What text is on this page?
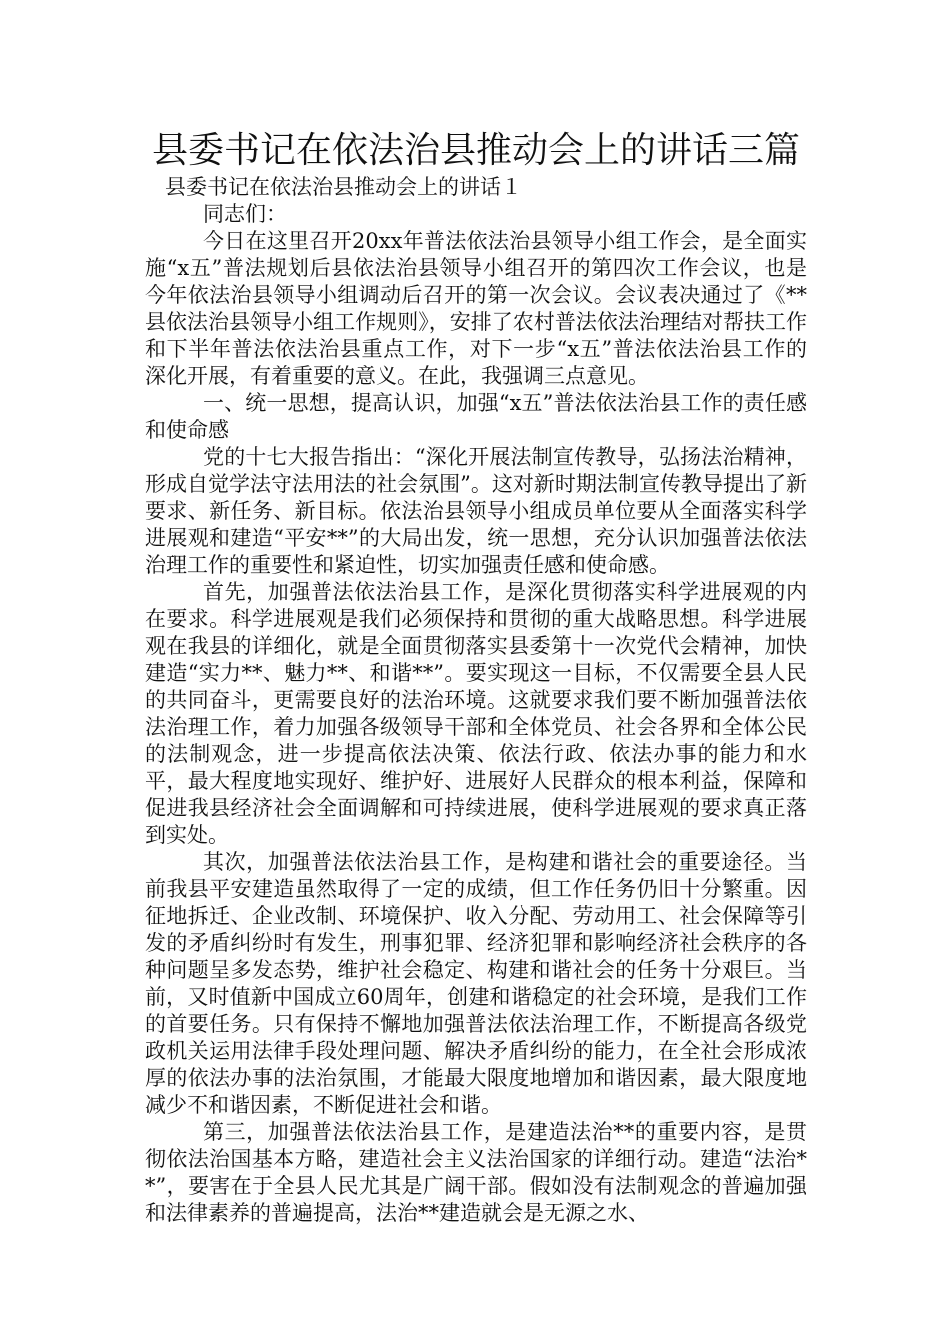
县委书记在依法治县推动会上的讲话三篇

县委书记在依法治县推动会上的讲话１

同志们：

今日在这里召开20xx年普法依法治县领导小组工作会，是全面实施“x五”普法规划后县依法治县领导小组召开的第四次工作会议，也是今年依法治县领导小组调动后召开的第一次会议。会议表决通过了《**县依法治县领导小组工作规则》，安排了农村普法依法治理结对帮扶工作和下半年普法依法治县重点工作，对下一步“x五”普法依法治县工作的深化开展，有着重要的意义。在此，我强调三点意见。

一、统一思想，提高认识，加强“x五”普法依法治县工作的责任感和使命感

党的十七大报告指出：“深化开展法制宣传教导，弘扬法治精神，形成自觉学法守法用法的社会氛围”。这对新时期法制宣传教导提出了新要求、新任务、新目标。依法治县领导小组成员单位要从全面落实科学进展观和建造“平安**”的大局出发，统一思想，充分认识加强普法依法治理工作的重要性和紧迫性，切实加强责任感和使命感。

首先，加强普法依法治县工作，是深化贯彻落实科学进展观的内在要求。科学进展观是我们必须保持和贯彻的重大战略思想。科学进展观在我县的详细化，就是全面贯彻落实县委第十一次党代会精神，加快建造“实力**、魅力**、和谐**”。要实现这一目标，不仅需要全县人民的共同奋斗，更需要良好的法治环境。这就要求我们要不断加强普法依法治理工作，着力加强各级领导干部和全体党员、社会各界和全体公民的法制观念，进一步提高依法决策、依法行政、依法办事的能力和水平，最大程度地实现好、维护好、进展好人民群众的根本利益，保障和促进我县经济社会全面调解和可持续进展，使科学进展观的要求真正落到实处。

其次，加强普法依法治县工作，是构建和谐社会的重要途径。当前我县平安建造虽然取得了一定的成绩，但工作任务仍旧十分繁重。因征地拆迁、企业改制、环境保护、收入分配、劳动用工、社会保障等引发的矛盾纠纷时有发生，刑事犯罪、经济犯罪和影响经济社会秩序的各种问题呈多发态势，维护社会稳定、构建和谐社会的任务十分艰巨。当前，又时值新中国成立60周年，创建和谐稳定的社会环境，是我们工作的首要任务。只有保持不懈地加强普法依法治理工作，不断提高各级党政机关运用法律手段处理问题、解决矛盾纠纷的能力，在全社会形成浓厚的依法办事的法治氛围，才能最大限度地增加和谐因素，最大限度地减少不和谐因素，不断促进社会和谐。

第三，加强普法依法治县工作，是建造法治**的重要内容，是贯彻依法治国基本方略，建造社会主义法治国家的详细行动。建造“法治**”，要害在于全县人民尤其是广阔干部。假如没有法制观念的普遍加强和法律素养的普遍提高，法治**建造就会是无源之水、
